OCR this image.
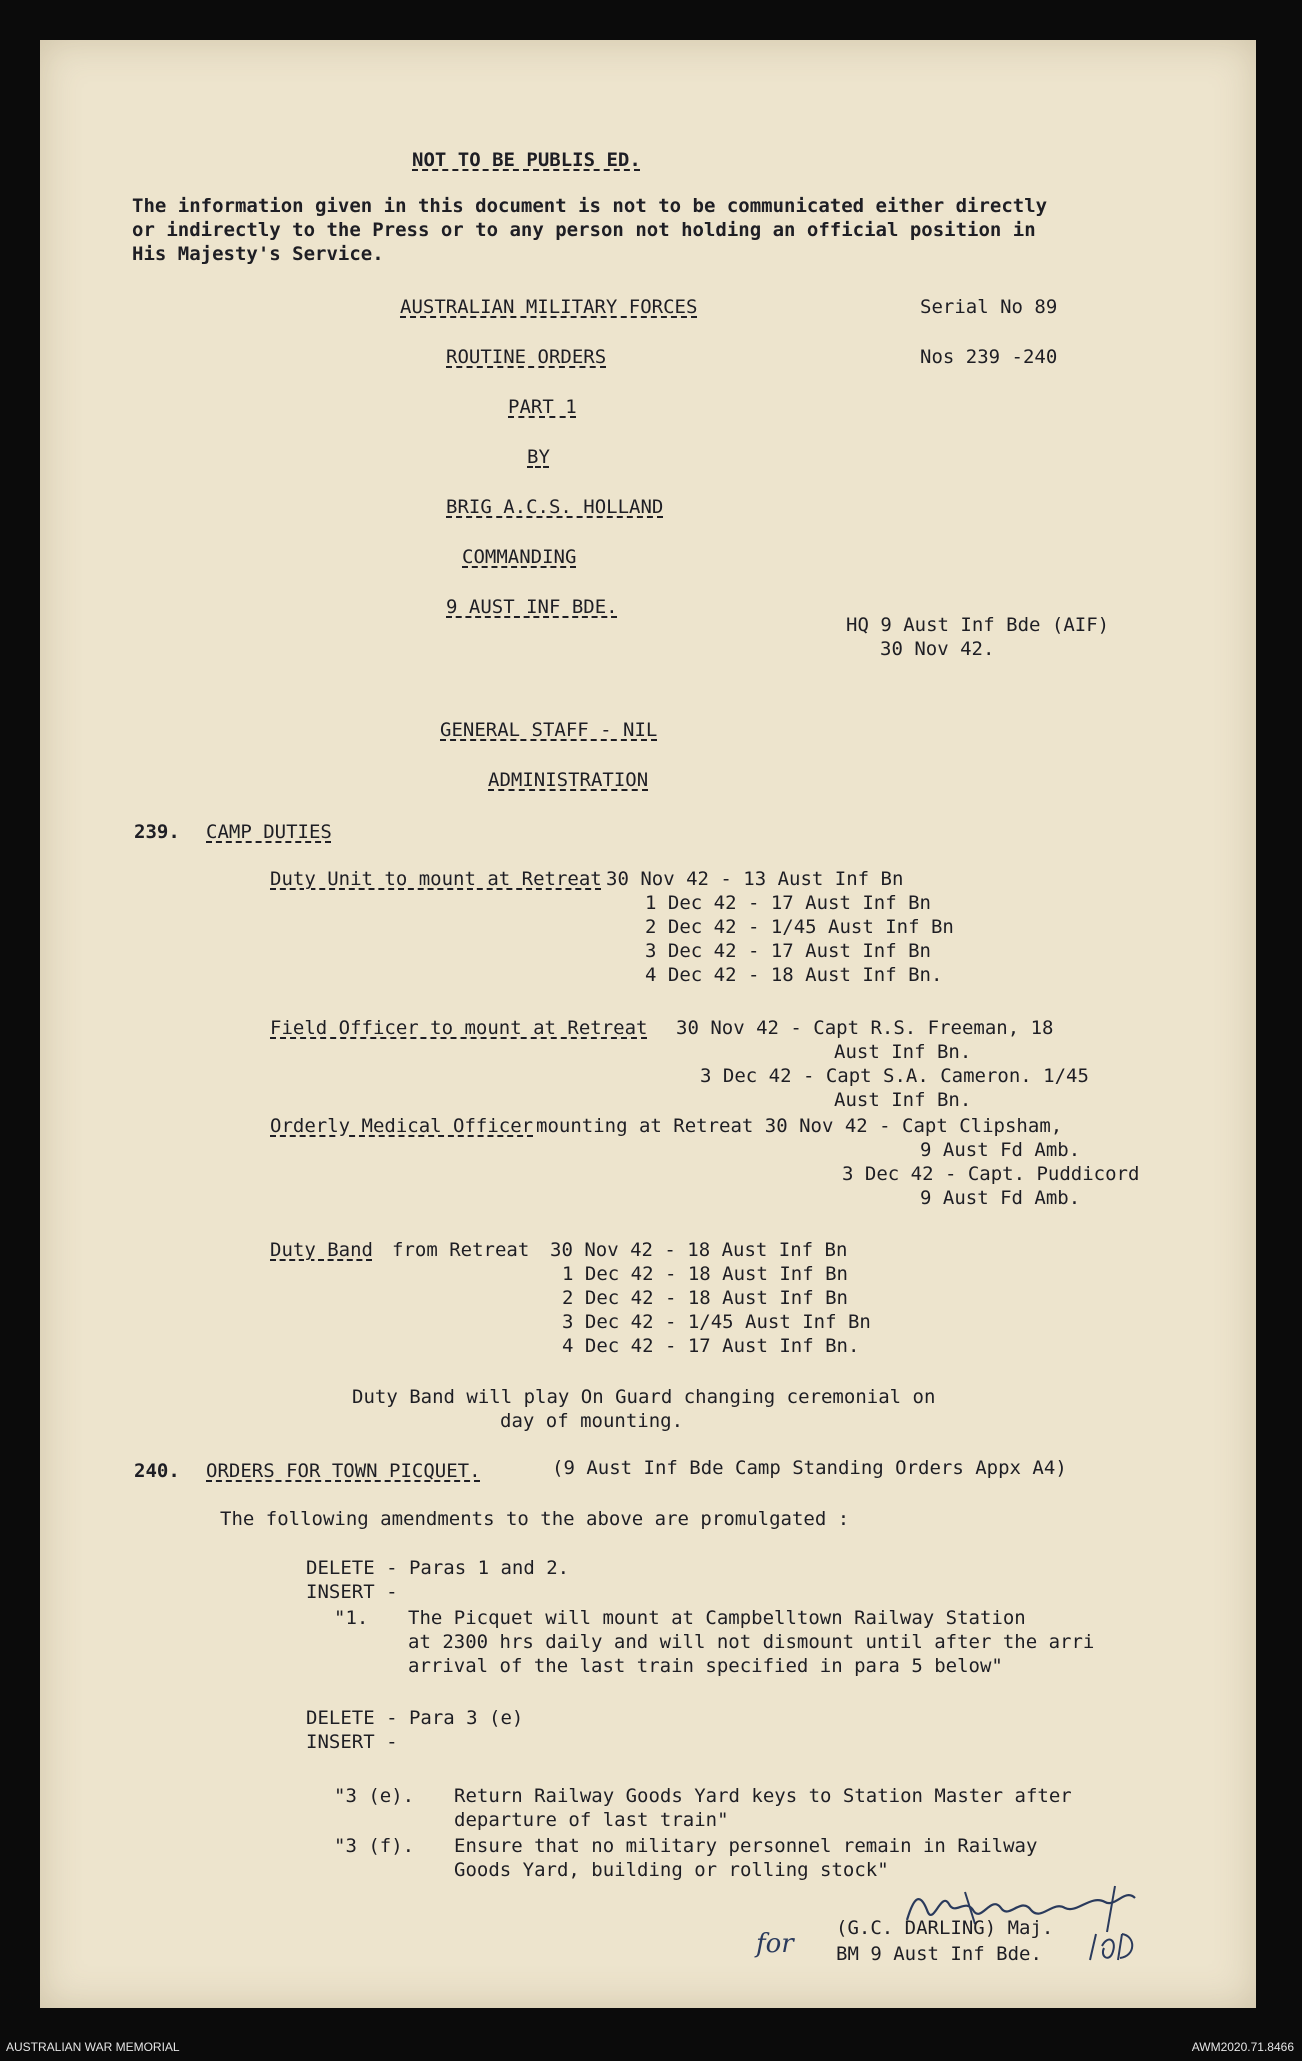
NOT TO BE PUBLIS ED.
The information given in this document is not to be communicated either directly
or indirectly to the Press or to any person not holding an official position in
His Majesty's Service.
AUSTRALIAN MILITARY FORCES	Serial No 89
ROUTINE ORDERS	Nos 239 -240
PART 1
BY
BRIG A.C.S. HOLLAND
COMMANDING
9 AUST INF BDE.
HQ 9 Aust Inf Bde (AIF)
30 Nov 42.
GENERAL STAFF - NIL
ADMINISTRATION
239. CAMP DUTIES
Duty Unit to mount at Retreat 30 Nov 42 - 13 Aust Inf Bn
1 Dec 42 - 17 Aust Inf Bn
2 Dec 42 - 1/45 Aust Inf Bn
3 Dec 42 - 17 Aust Inf Bn
4 Dec 42 - 18 Aust Inf Bn.
Field Officer to mount at Retreat 30 Nov 42 - Capt R.S. Freeman, 18
Aust Inf Bn.
3 Dec 42 - Capt S.A. Cameron. 1/45
Aust Inf Bn.
Orderly Medical Officer mounting at Retreat 30 Nov 42 - Capt Clipsham,
9 Aust Fd Amb.
3 Dec 42 - Capt. Puddicord
9 Aust Fd Amb.
Duty Band from Retreat 30 Nov 42 - 18 Aust Inf Bn
1 Dec 42 - 18 Aust Inf Bn
2 Dec 42 - 18 Aust Inf Bn
3 Dec 42 - 1/45 Aust Inf Bn
4 Dec 42 - 17 Aust Inf Bn.
Duty Band will play On Guard changing ceremonial on
day of mounting.
240. ORDERS FOR TOWN PICQUET.	(9 Aust Inf Bde Camp Standing Orders Appx A4)
The following amendments to the above are promulgated :
DELETE - Paras 1 and 2.
INSERT -
"1. The Picquet will mount at Campbelltown Railway Station
at 2300 hrs daily and will not dismount until after the arri
arrival of the last train specified in para 5 below"
DELETE - Para 3 (e)
INSERT -
"3 (e). Return Railway Goods Yard keys to Station Master after
departure of last train"
"3 (f). Ensure that no military personnel remain in Railway
Goods Yard, building or rolling stock"
for
(G.C. DARLING) Maj.
BM 9 Aust Inf Bde.
AUSTRALIAN WAR MEMORIAL	AWM2020.71.8466
